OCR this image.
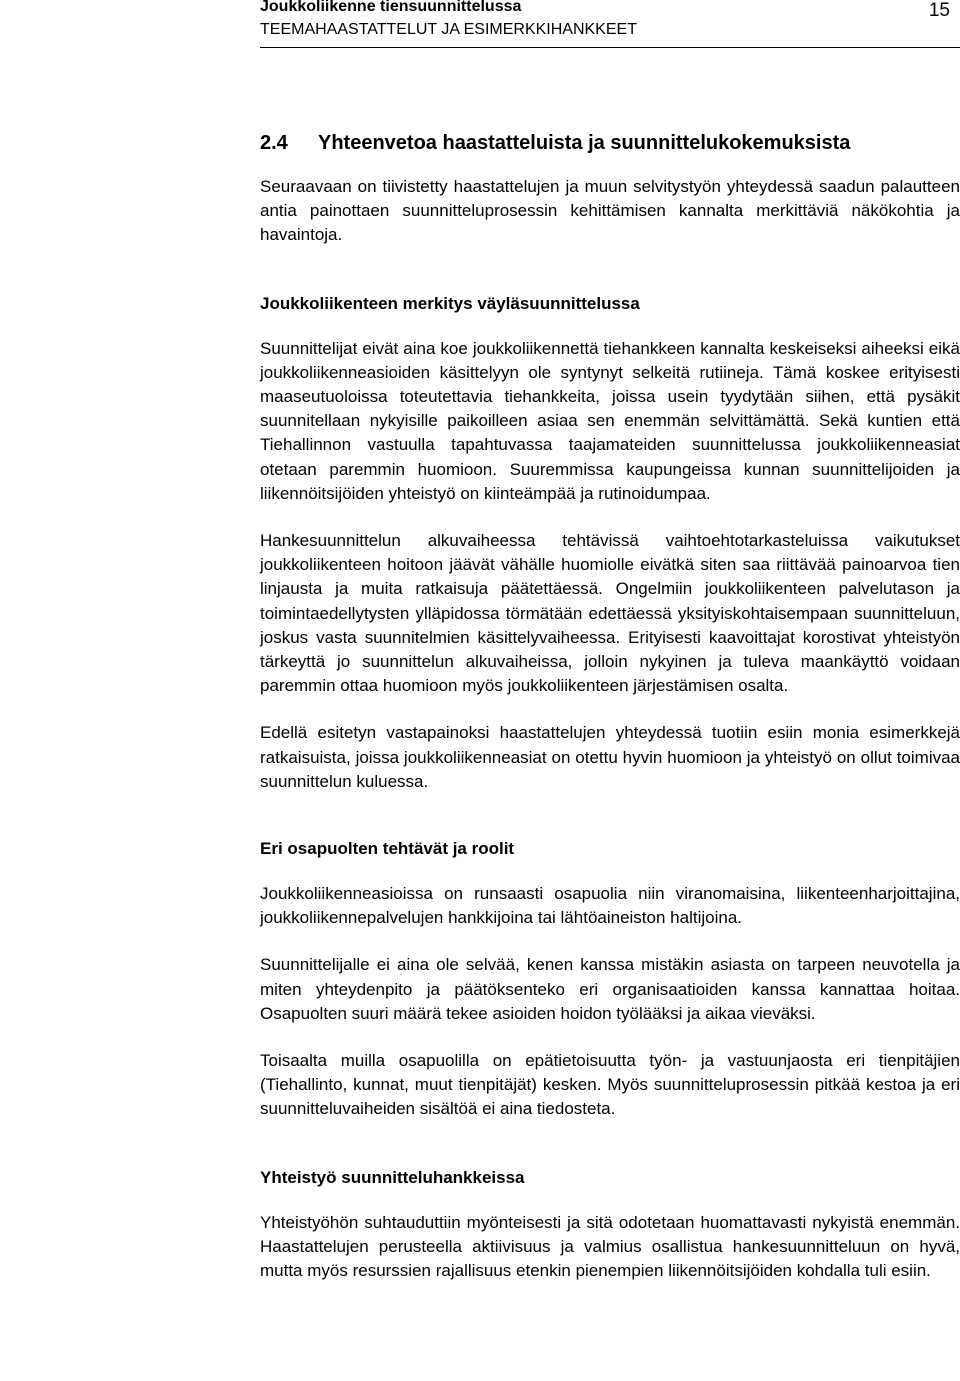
Joukkoliikenne tiensuunnittelussa
TEEMAHAASTATTELUT JA ESIMERKKIHANKKEET
15
2.4 Yhteenvetoa haastatteluista ja suunnittelukokemuksista

Seuraavaan on tiivistetty haastattelujen ja muun selvitystyön yhteydessä saadun palautteen antia painottaen suunnitteluprosessin kehittämisen kannalta merkittäviä näkökohtia ja havaintoja.

Joukkoliikenteen merkitys väyläsuunnittelussa

Suunnittelijat eivät aina koe joukkoliikennettä tiehankkeen kannalta keskeiseksi aiheeksi eikä joukkoliikenneasioiden käsittelyyn ole syntynyt selkeitä rutiineja. Tämä koskee erityisesti maaseutuoloissa toteutettavia tiehankkeita, joissa usein tyydytään siihen, että pysäkit suunnitellaan nykyisille paikoilleen asiaa sen enemmän selvittämättä. Sekä kuntien että Tiehallinnon vastuulla tapahtuvassa taajamateiden suunnittelussa joukkoliikenneasiat otetaan paremmin huomioon. Suuremmissa kaupungeissa kunnan suunnittelijoiden ja liikennöitsijöiden yhteistyö on kiinteämpää ja rutinoidumpaa.

Hankesuunnittelun alkuvaiheessa tehtävissä vaihtoehtotarkasteluissa vaikutukset joukkoliikenteen hoitoon jäävät vähälle huomiolle eivätkä siten saa riittävää painoarvoa tien linjausta ja muita ratkaisuja päätettäessä. Ongelmiin joukkoliikenteen palvelutason ja toimintaedellytysten ylläpidossa törmätään edettäessä yksityiskohtaisempaan suunnitteluun, joskus vasta suunnitelmien käsittelyvaiheessa. Erityisesti kaavoittajat korostivat yhteistyön tärkeyttä jo suunnittelun alkuvaiheissa, jolloin nykyinen ja tuleva maankäyttö voidaan paremmin ottaa huomioon myös joukkoliikenteen järjestämisen osalta.

Edellä esitetyn vastapainoksi haastattelujen yhteydessä tuotiin esiin monia esimerkkejä ratkaisuista, joissa joukkoliikenneasiat on otettu hyvin huomioon ja yhteistyö on ollut toimivaa suunnittelun kuluessa.

Eri osapuolten tehtävät ja roolit

Joukkoliikenneasioissa on runsaasti osapuolia niin viranomaisina, liikenteenharjoittajina, joukkoliikennepalvelujen hankkijoina tai lähtöaineiston haltijoina.

Suunnittelijalle ei aina ole selvää, kenen kanssa mistäkin asiasta on tarpeen neuvotella ja miten yhteydenpito ja päätöksenteko eri organisaatioiden kanssa kannattaa hoitaa. Osapuolten suuri määrä tekee asioiden hoidon työlääksi ja aikaa vieväksi.

Toisaalta muilla osapuolilla on epätietoisuutta työn- ja vastuunjaosta eri tienpitäjien (Tiehallinto, kunnat, muut tienpitäjät) kesken. Myös suunnitteluprosessin pitkää kestoa ja eri suunnitteluvaiheiden sisältöä ei aina tiedosteta.

Yhteistyö suunnitteluhankkeissa

Yhteistyöhön suhtauduttiin myönteisesti ja sitä odotetaan huomattavasti nykyistä enemmän. Haastattelujen perusteella aktiivisuus ja valmius osallistua hankesuunnitteluun on hyvä, mutta myös resurssien rajallisuus etenkin pienempien liikennöitsijöiden kohdalla tuli esiin.
